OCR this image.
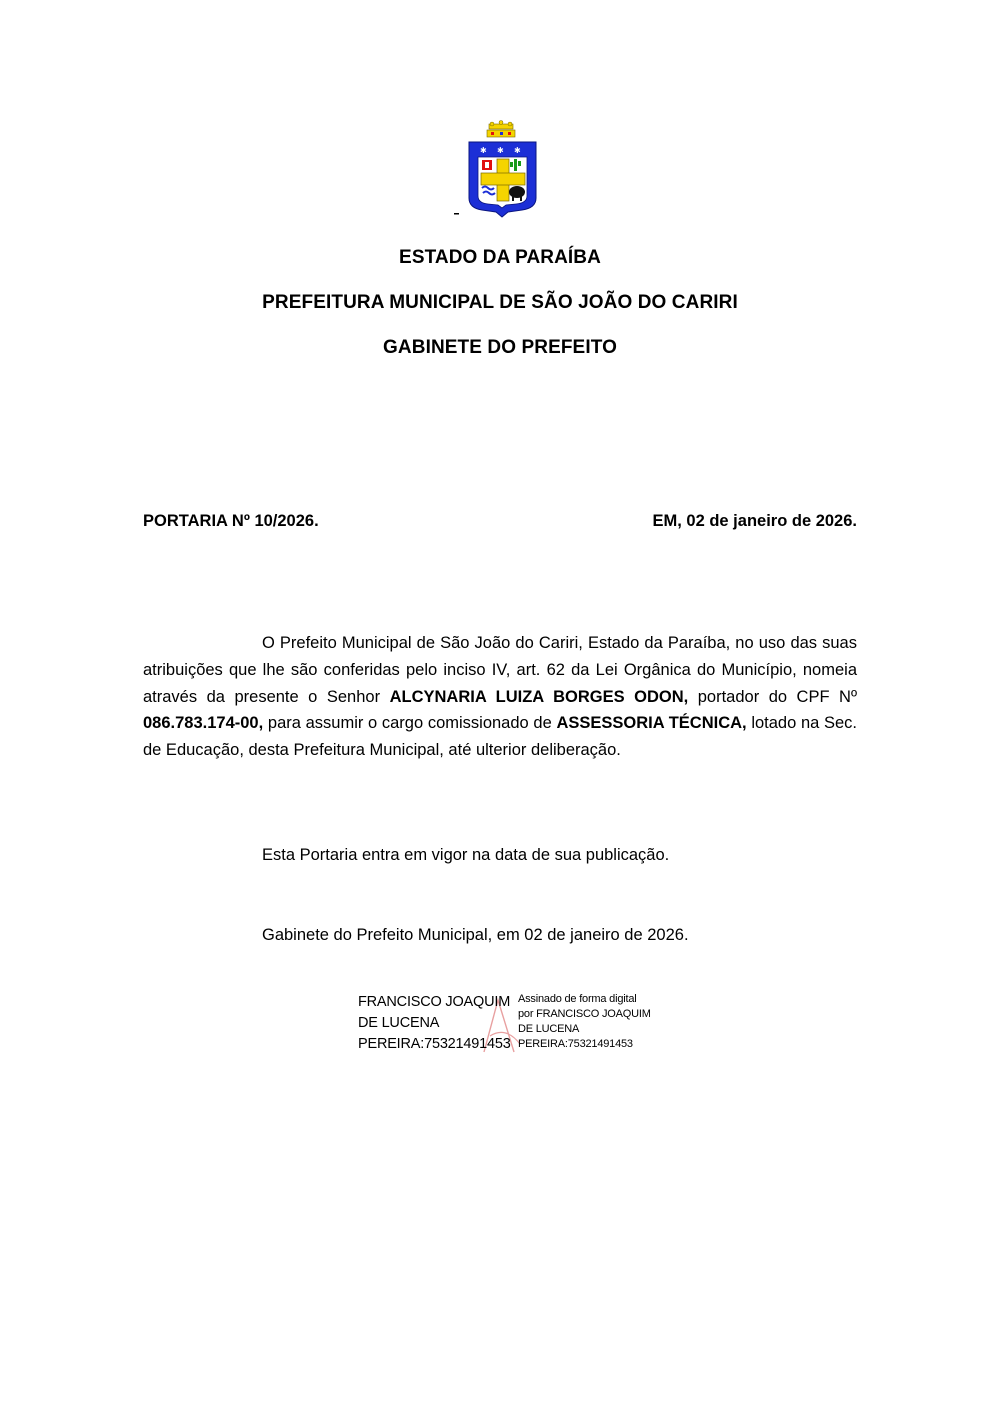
✱ ✱ ✱
ESTADO DA PARAÍBA
PREFEITURA MUNICIPAL DE SÃO JOÃO DO CARIRI
GABINETE DO PREFEITO
PORTARIA Nº 10/2026.	EM, 02 de janeiro de 2026.

O Prefeito Municipal de São João do Cariri, Estado da Paraíba, no uso das suas atribuições que lhe são conferidas pelo inciso IV, art. 62 da Lei Orgânica do Município, nomeia através da presente o Senhor ALCYNARIA LUIZA BORGES ODON, portador do CPF Nº 086.783.174-00, para assumir o cargo comissionado de ASSESSORIA TÉCNICA, lotado na Sec. de Educação, desta Prefeitura Municipal, até ulterior deliberação.

Esta Portaria entra em vigor na data de sua publicação.

Gabinete do Prefeito Municipal, em 02 de janeiro de 2026.

FRANCISCO JOAQUIM
DE LUCENA
PEREIRA:75321491453
Assinado de forma digital
por FRANCISCO JOAQUIM
DE LUCENA
PEREIRA:75321491453
